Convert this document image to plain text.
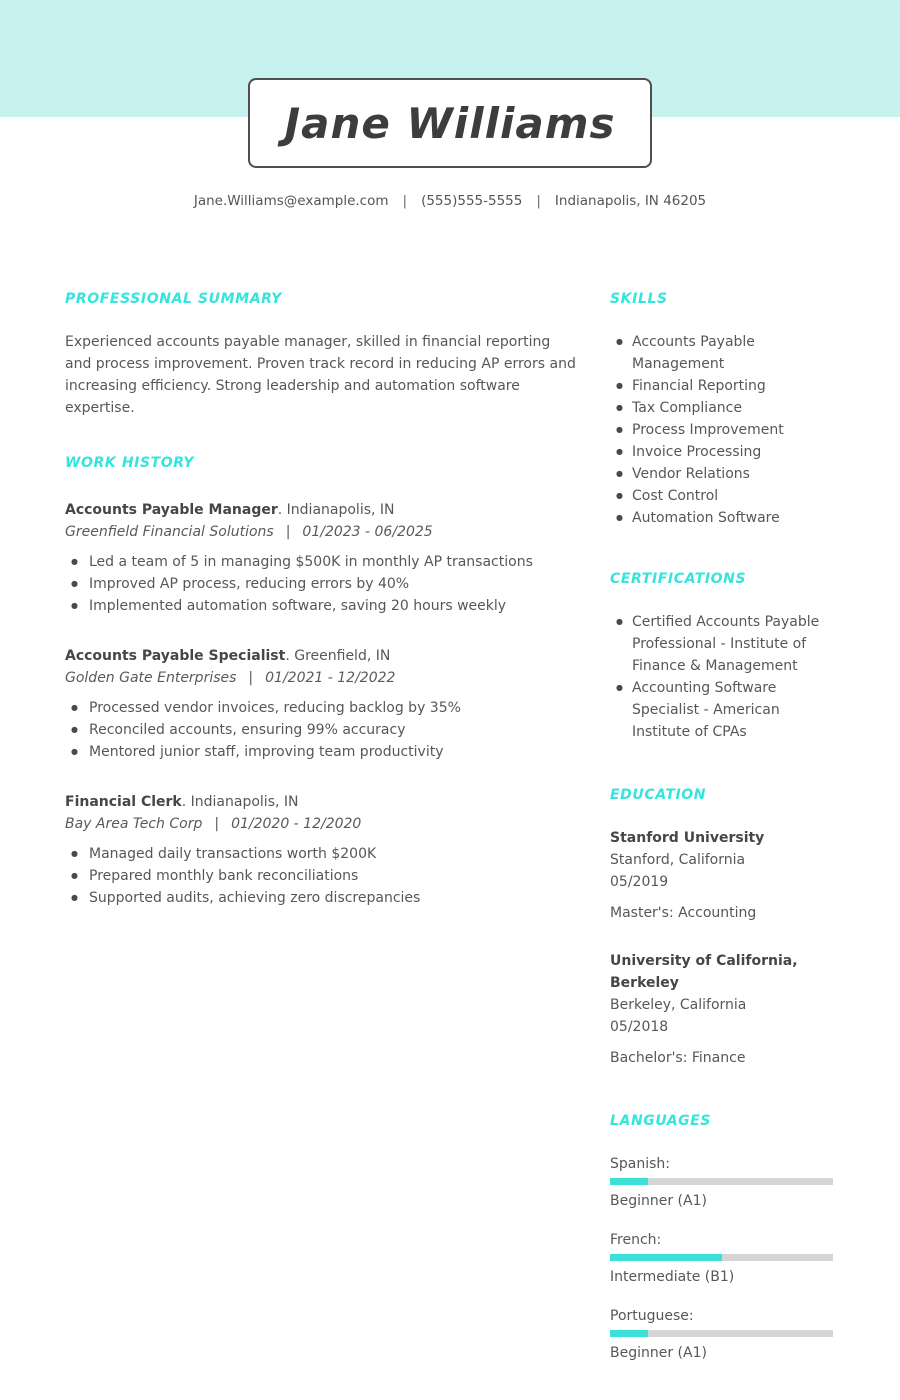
Jane Williams
Jane.Williams@example.com | (555)555-5555 | Indianapolis, IN 46205
PROFESSIONAL SUMMARY
Experienced accounts payable manager, skilled in financial reporting and process improvement. Proven track record in reducing AP errors and increasing efficiency. Strong leadership and automation software expertise.
WORK HISTORY
Accounts Payable Manager. Indianapolis, IN
Greenfield Financial Solutions | 01/2023 - 06/2025
● Led a team of 5 in managing $500K in monthly AP transactions
● Improved AP process, reducing errors by 40%
● Implemented automation software, saving 20 hours weekly
Accounts Payable Specialist. Greenfield, IN
Golden Gate Enterprises | 01/2021 - 12/2022
● Processed vendor invoices, reducing backlog by 35%
● Reconciled accounts, ensuring 99% accuracy
● Mentored junior staff, improving team productivity
Financial Clerk. Indianapolis, IN
Bay Area Tech Corp | 01/2020 - 12/2020
● Managed daily transactions worth $200K
● Prepared monthly bank reconciliations
● Supported audits, achieving zero discrepancies
SKILLS
● Accounts Payable Management
● Financial Reporting
● Tax Compliance
● Process Improvement
● Invoice Processing
● Vendor Relations
● Cost Control
● Automation Software
CERTIFICATIONS
● Certified Accounts Payable Professional - Institute of Finance & Management
● Accounting Software Specialist - American Institute of CPAs
EDUCATION
Stanford University
Stanford, California
05/2019
Master's: Accounting
University of California, Berkeley
Berkeley, California
05/2018
Bachelor's: Finance
LANGUAGES
Spanish:
Beginner (A1)
French:
Intermediate (B1)
Portuguese:
Beginner (A1)
